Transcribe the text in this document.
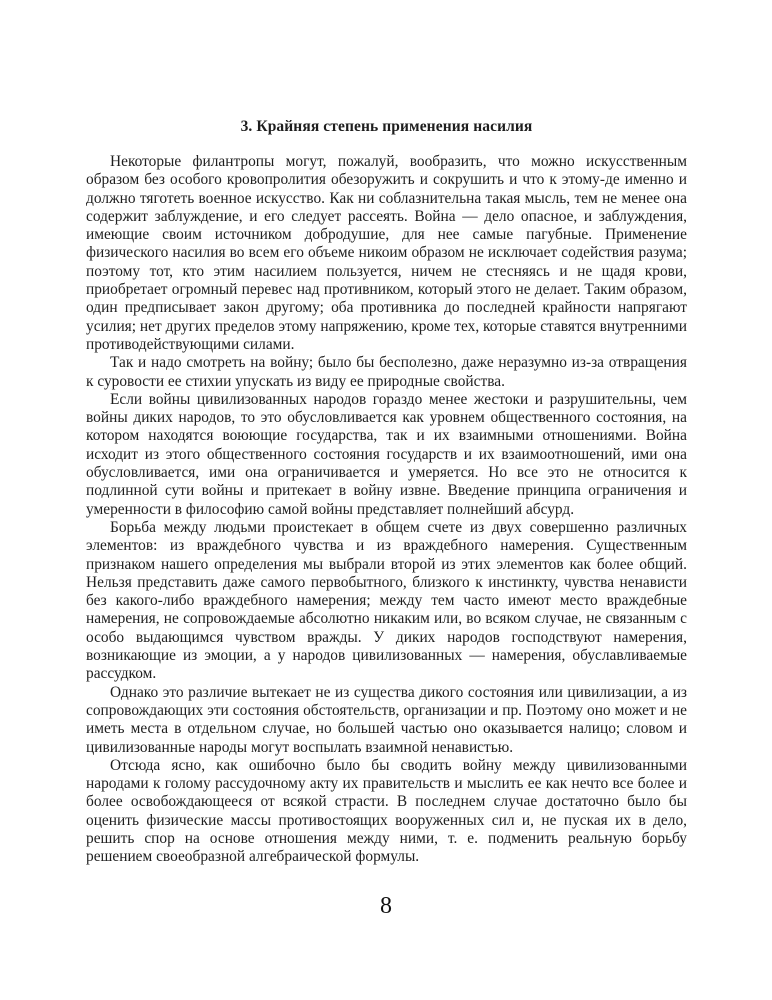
3. Крайняя степень применения насилия

Некоторые филантропы могут, пожалуй, вообразить, что можно искусственным образом без особого кровопролития обезоружить и сокрушить и что к этому-де именно и должно тяготеть военное искусство. Как ни соблазнительна такая мысль, тем не менее она содержит заблуждение, и его следует рассеять. Война — дело опасное, и заблуждения, имеющие своим источником добродушие, для нее самые пагубные. Применение физического насилия во всем его объеме никоим образом не исключает содействия разума; поэтому тот, кто этим насилием пользуется, ничем не стесняясь и не щадя крови, приобретает огромный перевес над противником, который этого не делает. Таким образом, один предписывает закон другому; оба противника до последней крайности напрягают усилия; нет других пределов этому напряжению, кроме тех, которые ставятся внутренними противодействующими силами.

Так и надо смотреть на войну; было бы бесполезно, даже неразумно из-за отвращения к суровости ее стихии упускать из виду ее природные свойства.

Если войны цивилизованных народов гораздо менее жестоки и разрушительны, чем войны диких народов, то это обусловливается как уровнем общественного состояния, на котором находятся воюющие государства, так и их взаимными отношениями. Война исходит из этого общественного состояния государств и их взаимоотношений, ими она обусловливается, ими она ограничивается и умеряется. Но все это не относится к подлинной сути войны и притекает в войну извне. Введение принципа ограничения и умеренности в философию самой войны представляет полнейший абсурд.

Борьба между людьми проистекает в общем счете из двух совершенно различных элементов: из враждебного чувства и из враждебного намерения. Существенным признаком нашего определения мы выбрали второй из этих элементов как более общий. Нельзя представить даже самого первобытного, близкого к инстинкту, чувства ненависти без какого-либо враждебного намерения; между тем часто имеют место враждебные намерения, не сопровождаемые абсолютно никаким или, во всяком случае, не связанным с особо выдающимся чувством вражды. У диких народов господствуют намерения, возникающие из эмоции, а у народов цивилизованных — намерения, обуславливаемые рассудком.

Однако это различие вытекает не из существа дикого состояния или цивилизации, а из сопровождающих эти состояния обстоятельств, организации и пр. Поэтому оно может и не иметь места в отдельном случае, но большей частью оно оказывается налицо; словом и цивилизованные народы могут воспылать взаимной ненавистью.

Отсюда ясно, как ошибочно было бы сводить войну между цивилизованными народами к голому рассудочному акту их правительств и мыслить ее как нечто все более и более освобождающееся от всякой страсти. В последнем случае достаточно было бы оценить физические массы противостоящих вооруженных сил и, не пуская их в дело, решить спор на основе отношения между ними, т. е. подменить реальную борьбу решением своеобразной алгебраической формулы.

8
